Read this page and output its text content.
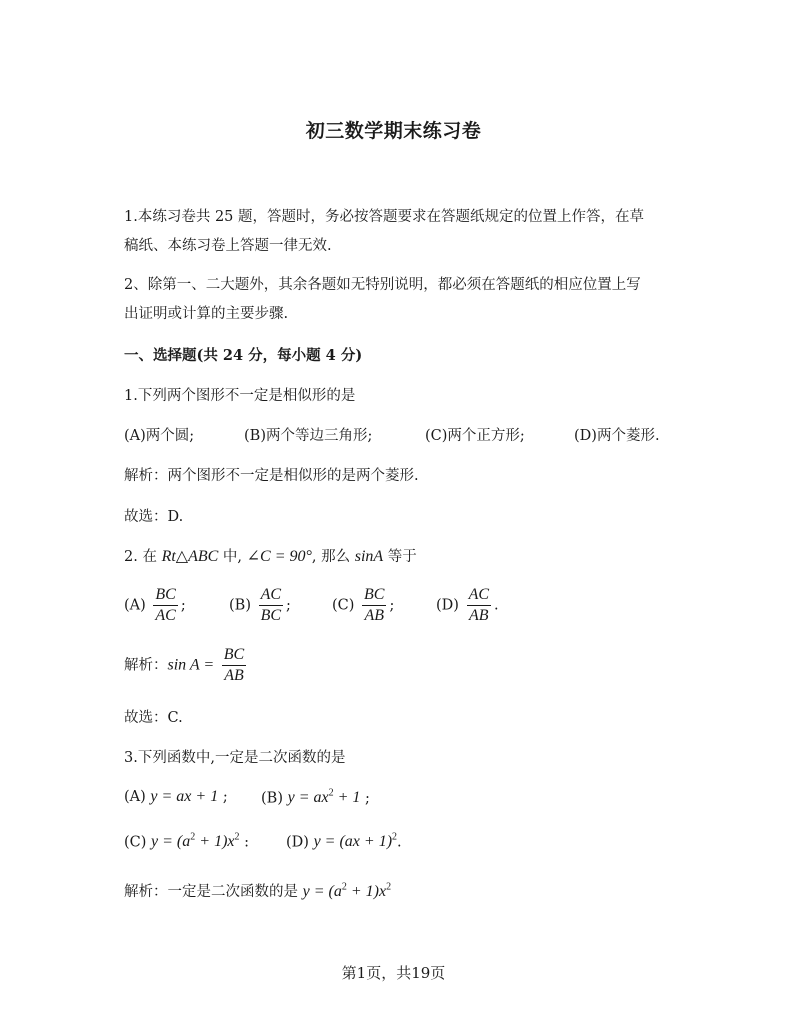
初三数学期末练习卷
1.本练习卷共 25 题，答题时，务必按答题要求在答题纸规定的位置上作答，在草
稿纸、本练习卷上答题一律无效.
2、除第一、二大题外，其余各题如无特别说明，都必须在答题纸的相应位置上写
出证明或计算的主要步骤.
一、选择题(共 24 分，每小题 4 分)
1.下列两个图形不一定是相似形的是
(A)两个圆;	(B)两个等边三角形;	(C)两个正方形;	(D)两个菱形.
解析：两个图形不一定是相似形的是两个菱形.
故选：D.
2. 在 Rt△ABC 中, ∠C = 90°, 那么 sinA 等于
$(A) \frac{BC}{AC}$ ;	$(B) \frac{AC}{BC}$ ;	$(C) \frac{BC}{AB}$ ;	$(D) \frac{AC}{AB}$ .
解析：$\sin A = \frac{BC}{AB}$
故选：C.
3.下列函数中,一定是二次函数的是
(A) y = ax + 1 ; (B) $y = ax^2 + 1$ ;
(C) $y = (a^2 + 1)x^2$ :	(D) y = (ax + 1)$^2$.
解析：一定是二次函数的是 $y = (a^2 + 1)x^2$
第1页，共19页
